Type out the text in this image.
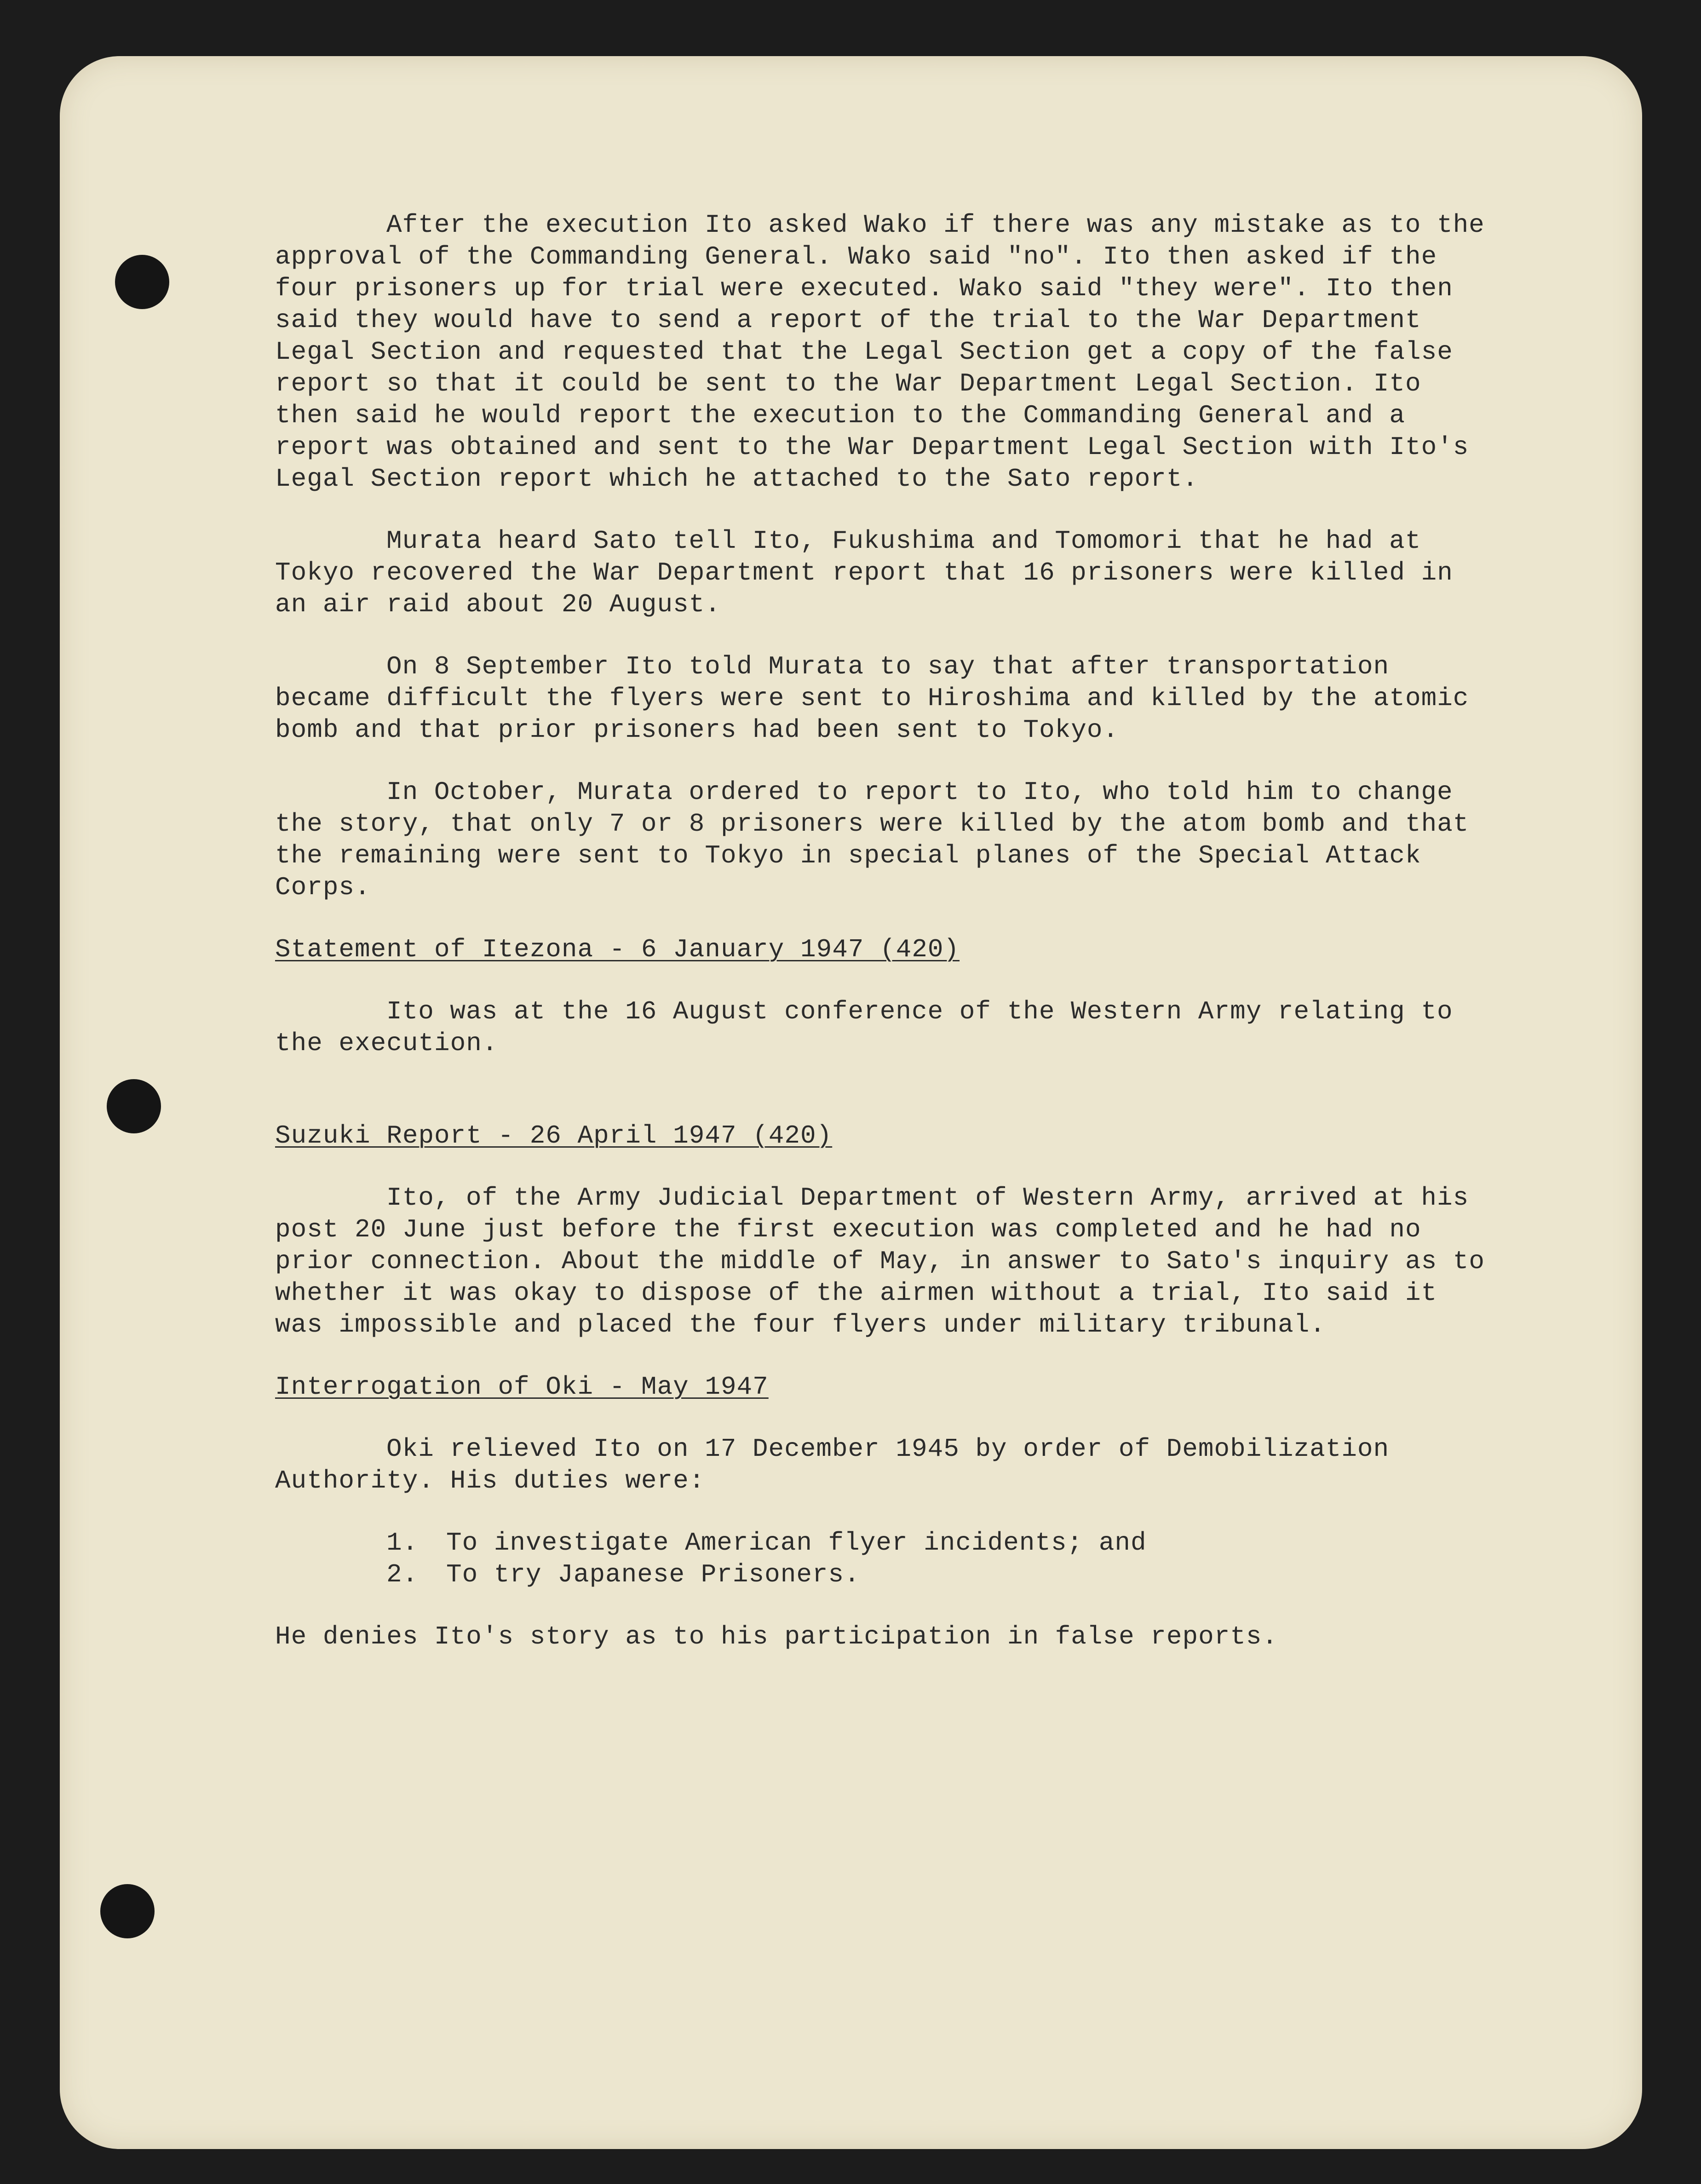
After the execution Ito asked Wako if there was any mistake as to the approval of the Commanding General. Wako said "no". Ito then asked if the four prisoners up for trial were executed. Wako said "they were". Ito then said they would have to send a report of the trial to the War Department Legal Section and requested that the Legal Section get a copy of the false report so that it could be sent to the War Department Legal Section. Ito then said he would report the execution to the Commanding General and a report was obtained and sent to the War Department Legal Section with Ito's Legal Section report which he attached to the Sato report.

Murata heard Sato tell Ito, Fukushima and Tomomori that he had at Tokyo recovered the War Department report that 16 prisoners were killed in an air raid about 20 August.

On 8 September Ito told Murata to say that after transportation became difficult the flyers were sent to Hiroshima and killed by the atomic bomb and that prior prisoners had been sent to Tokyo.

In October, Murata ordered to report to Ito, who told him to change the story, that only 7 or 8 prisoners were killed by the atom bomb and that the remaining were sent to Tokyo in special planes of the Special Attack Corps.

Statement of Itezona - 6 January 1947 (420)

Ito was at the 16 August conference of the Western Army relating to the execution.

Suzuki Report - 26 April 1947 (420)

Ito, of the Army Judicial Department of Western Army, arrived at his post 20 June just before the first execution was completed and he had no prior connection. About the middle of May, in answer to Sato's inquiry as to whether it was okay to dispose of the airmen without a trial, Ito said it was impossible and placed the four flyers under military tribunal.

Interrogation of Oki - May 1947

Oki relieved Ito on 17 December 1945 by order of Demobilization Authority. His duties were:

1. To investigate American flyer incidents; and
2. To try Japanese Prisoners.

He denies Ito's story as to his participation in false reports.
